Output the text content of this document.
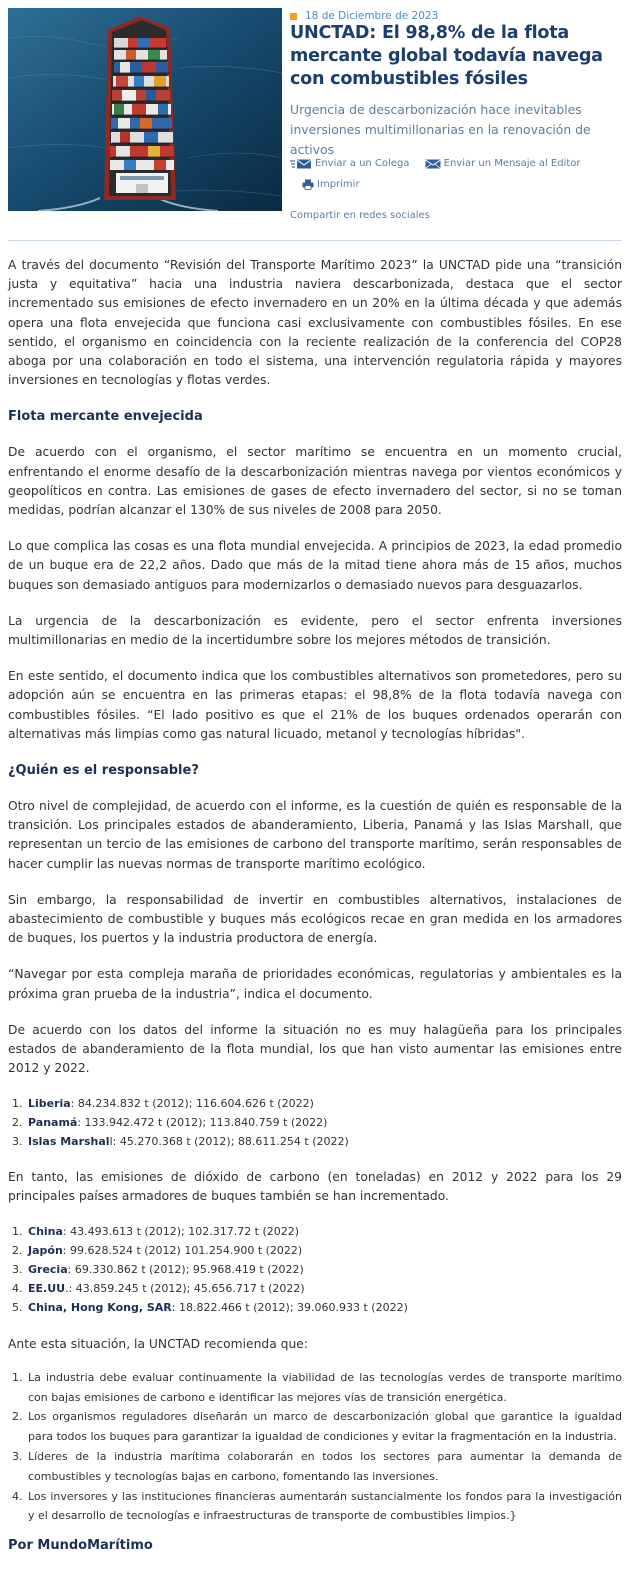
18 de Diciembre de 2023
UNCTAD: El 98,8% de la flota mercante global todavía navega con combustibles fósiles

Urgencia de descarbonización hace inevitables inversiones multimillonarias en la renovación de activos

Enviar a un Colega
	Enviar un Mensaje al Editor
Imprimir
Compartir en redes sociales

A través del documento “Revisión del Transporte Marítimo 2023” la UNCTAD pide una “transición justa y equitativa” hacia una industria naviera descarbonizada, destaca que el sector incrementado sus emisiones de efecto invernadero en un 20% en la última década y que además opera una flota envejecida que funciona casi exclusivamente con combustibles fósiles. En ese sentido, el organismo en coincidencia con la reciente realización de la conferencia del COP28 aboga por una colaboración en todo el sistema, una intervención regulatoria rápida y mayores inversiones en tecnologías y flotas verdes.

Flota mercante envejecida

De acuerdo con el organismo, el sector marítimo se encuentra en un momento crucial, enfrentando el enorme desafío de la descarbonización mientras navega por vientos económicos y geopolíticos en contra. Las emisiones de gases de efecto invernadero del sector, si no se toman medidas, podrían alcanzar el 130% de sus niveles de 2008 para 2050.

Lo que complica las cosas es una flota mundial envejecida. A principios de 2023, la edad promedio de un buque era de 22,2 años. Dado que más de la mitad tiene ahora más de 15 años, muchos buques son demasiado antiguos para modernizarlos o demasiado nuevos para desguazarlos.

La urgencia de la descarbonización es evidente, pero el sector enfrenta inversiones multimillonarias en medio de la incertidumbre sobre los mejores métodos de transición.

En este sentido, el documento indica que los combustibles alternativos son prometedores, pero su adopción aún se encuentra en las primeras etapas: el 98,8% de la flota todavía navega con combustibles fósiles. “El lado positivo es que el 21% de los buques ordenados operarán con alternativas más limpias como gas natural licuado, metanol y tecnologías híbridas".

¿Quién es el responsable?

Otro nivel de complejidad, de acuerdo con el informe, es la cuestión de quién es responsable de la transición. Los principales estados de abanderamiento, Liberia, Panamá y las Islas Marshall, que representan un tercio de las emisiones de carbono del transporte marítimo, serán responsables de hacer cumplir las nuevas normas de transporte marítimo ecológico.

Sin embargo, la responsabilidad de invertir en combustibles alternativos, instalaciones de abastecimiento de combustible y buques más ecológicos recae en gran medida en los armadores de buques, los puertos y la industria productora de energía.

“Navegar por esta compleja maraña de prioridades económicas, regulatorias y ambientales es la próxima gran prueba de la industria”, indica el documento.

De acuerdo con los datos del informe la situación no es muy halagüeña para los principales estados de abanderamiento de la flota mundial, los que han visto aumentar las emisiones entre 2012 y 2022.

1. Liberia: 84.234.832 t (2012); 116.604.626 t (2022)
2. Panamá: 133.942.472 t (2012); 113.840.759 t (2022)
3. Islas Marshall: 45.270.368 t (2012); 88.611.254 t (2022)

En tanto, las emisiones de dióxido de carbono (en toneladas) en 2012 y 2022 para los 29 principales países armadores de buques también se han incrementado.

1. China: 43.493.613 t (2012); 102.317.72 t (2022)
2. Japón: 99.628.524 t (2012) 101.254.900 t (2022)
3. Grecia: 69.330.862 t (2012); 95.968.419 t (2022)
4. EE.UU.: 43.859.245 t (2012); 45.656.717 t (2022)
5. China, Hong Kong, SAR: 18.822.466 t (2012); 39.060.933 t (2022)

Ante esta situación, la UNCTAD recomienda que:

1. La industria debe evaluar continuamente la viabilidad de las tecnologías verdes de transporte marítimo con bajas emisiones de carbono e identificar las mejores vías de transición energética.
2. Los organismos reguladores diseñarán un marco de descarbonización global que garantice la igualdad para todos los buques para garantizar la igualdad de condiciones y evitar la fragmentación en la industria.
3. Líderes de la industria marítima colaborarán en todos los sectores para aumentar la demanda de combustibles y tecnologías bajas en carbono, fomentando las inversiones.
4. Los inversores y las instituciones financieras aumentarán sustancialmente los fondos para la investigación y el desarrollo de tecnologías e infraestructuras de transporte de combustibles limpios.}
Por MundoMarítimo
